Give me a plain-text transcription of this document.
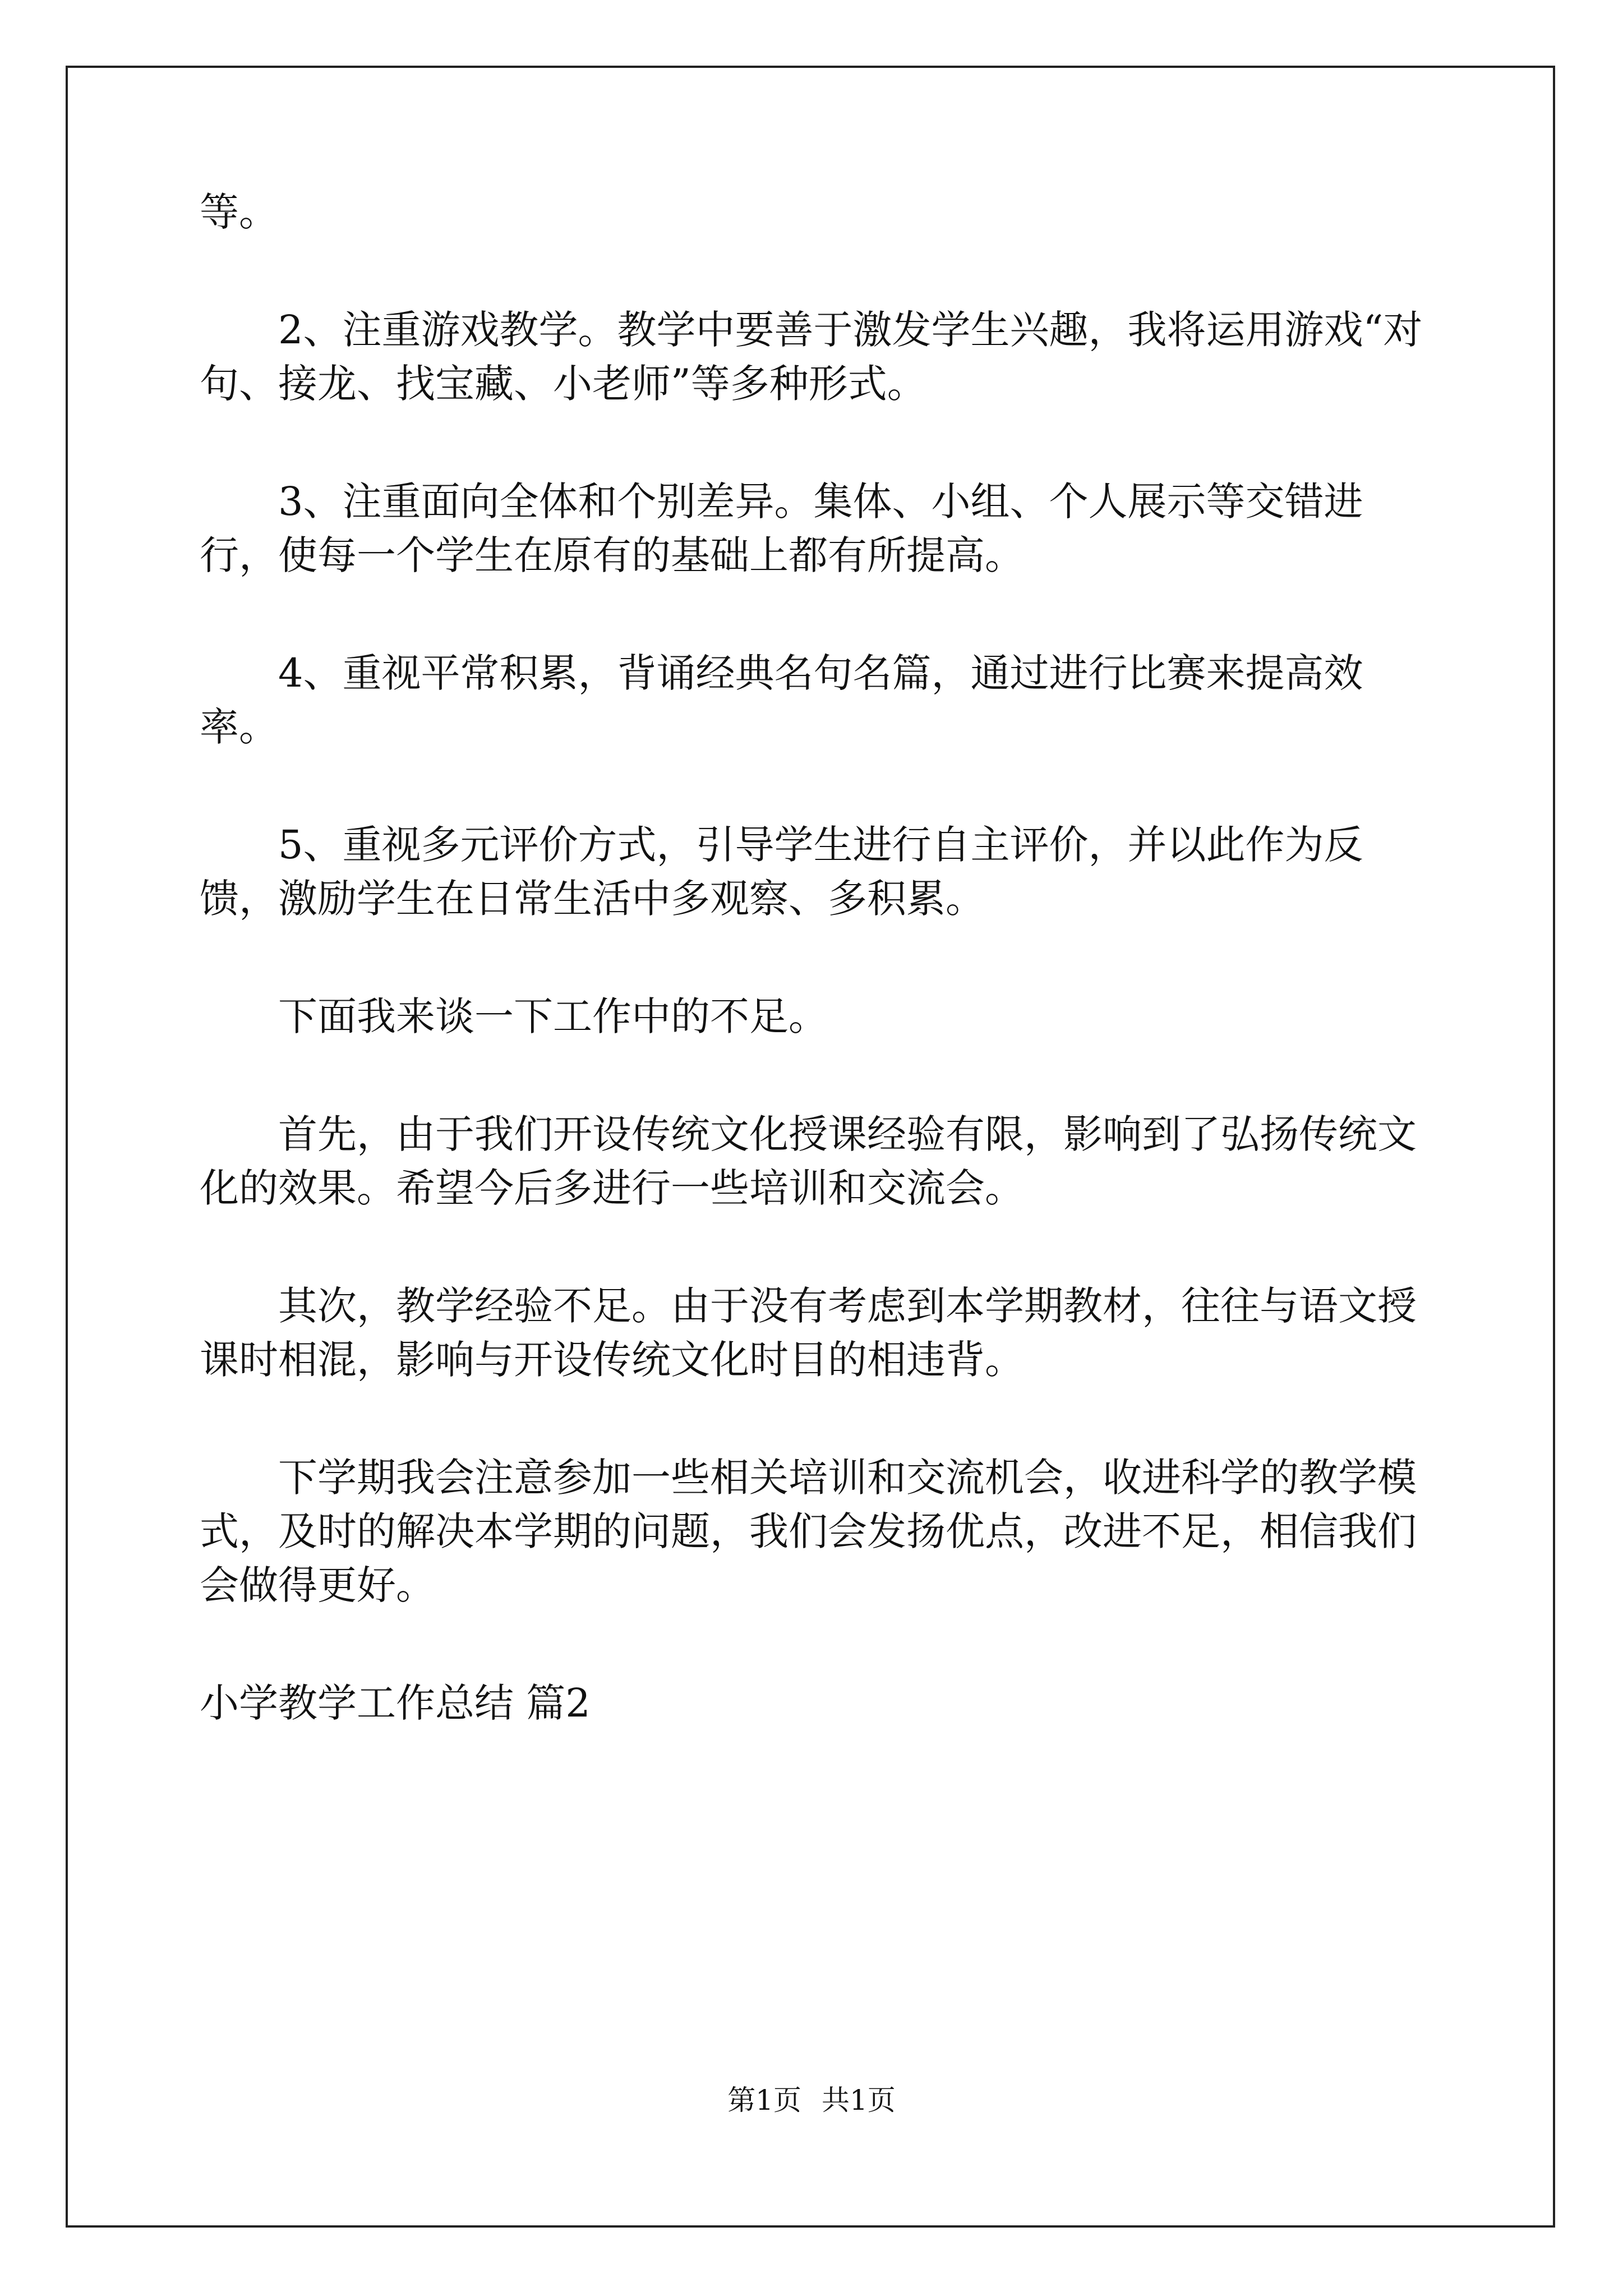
等。

2、注重游戏教学。教学中要善于激发学生兴趣，我将运用游戏“对句、接龙、找宝藏、小老师”等多种形式。

3、注重面向全体和个别差异。集体、小组、个人展示等交错进行，使每一个学生在原有的基础上都有所提高。

4、重视平常积累，背诵经典名句名篇，通过进行比赛来提高效率。

5、重视多元评价方式，引导学生进行自主评价，并以此作为反馈，激励学生在日常生活中多观察、多积累。

下面我来谈一下工作中的不足。

首先，由于我们开设传统文化授课经验有限，影响到了弘扬传统文化的效果。希望今后多进行一些培训和交流会。

其次，教学经验不足。由于没有考虑到本学期教材，往往与语文授课时相混，影响与开设传统文化时目的相违背。

下学期我会注意参加一些相关培训和交流机会，收进科学的教学模式，及时的解决本学期的问题，我们会发扬优点，改进不足，相信我们会做得更好。

小学教学工作总结 篇2

第1页 共1页
